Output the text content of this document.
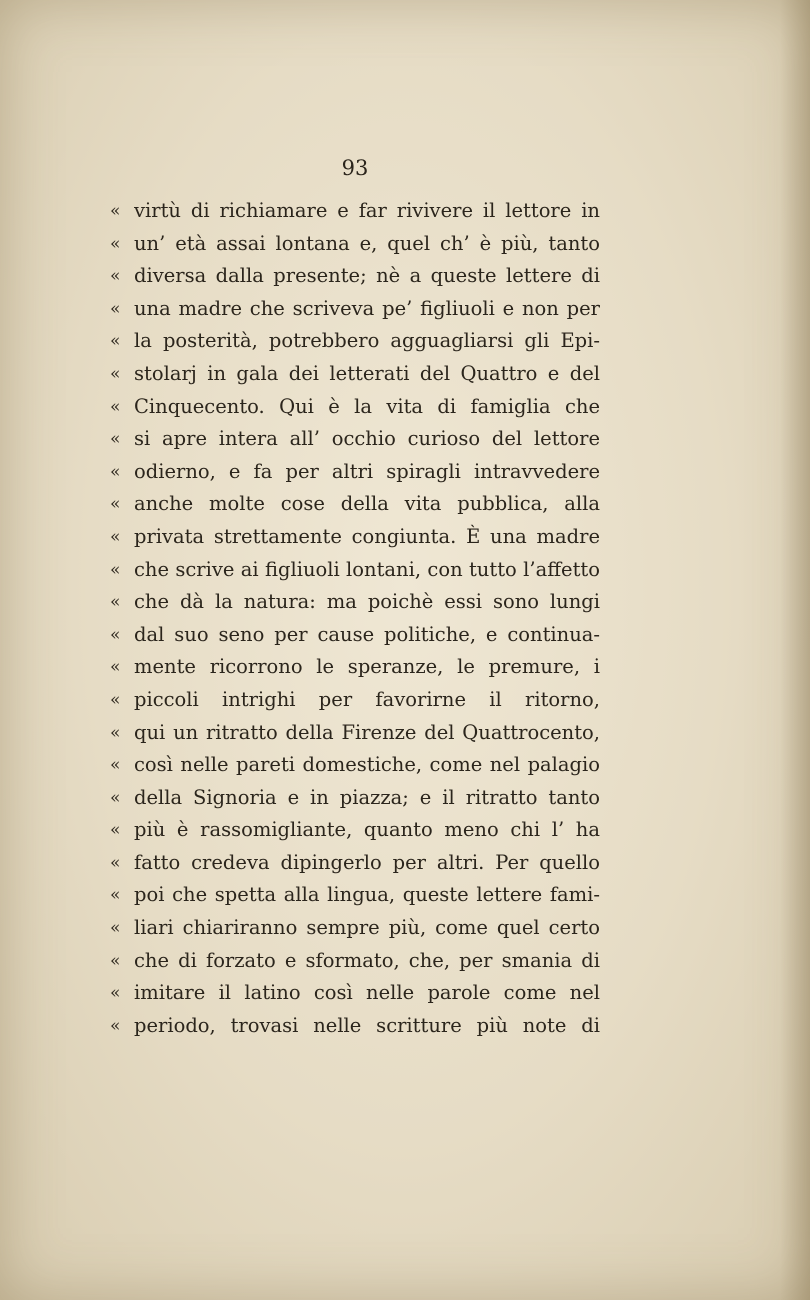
93
« virtù di richiamare e far rivivere il lettore in
« un’ età assai lontana e, quel ch’ è più, tanto
« diversa dalla presente; nè a queste lettere di
« una madre che scriveva pe’ figliuoli e non per
« la posterità, potrebbero agguagliarsi gli Epi-
« stolarj in gala dei letterati del Quattro e del
« Cinquecento. Qui è la vita di famiglia che
« si apre intera all’ occhio curioso del lettore
« odierno, e fa per altri spiragli intravvedere
« anche molte cose della vita pubblica, alla
« privata strettamente congiunta. È una madre
« che scrive ai figliuoli lontani, con tutto l’affetto
« che dà la natura: ma poichè essi sono lungi
« dal suo seno per cause politiche, e continua-
« mente ricorrono le speranze, le premure, i
« piccoli intrighi per favorirne il ritorno,
« qui un ritratto della Firenze del Quattrocento,
« così nelle pareti domestiche, come nel palagio
« della Signoria e in piazza; e il ritratto tanto
« più è rassomigliante, quanto meno chi l’ ha
« fatto credeva dipingerlo per altri. Per quello
« poi che spetta alla lingua, queste lettere fami-
« liari chiariranno sempre più, come quel certo
« che di forzato e sformato, che, per smania di
« imitare il latino così nelle parole come nel
« periodo, trovasi nelle scritture più note di
